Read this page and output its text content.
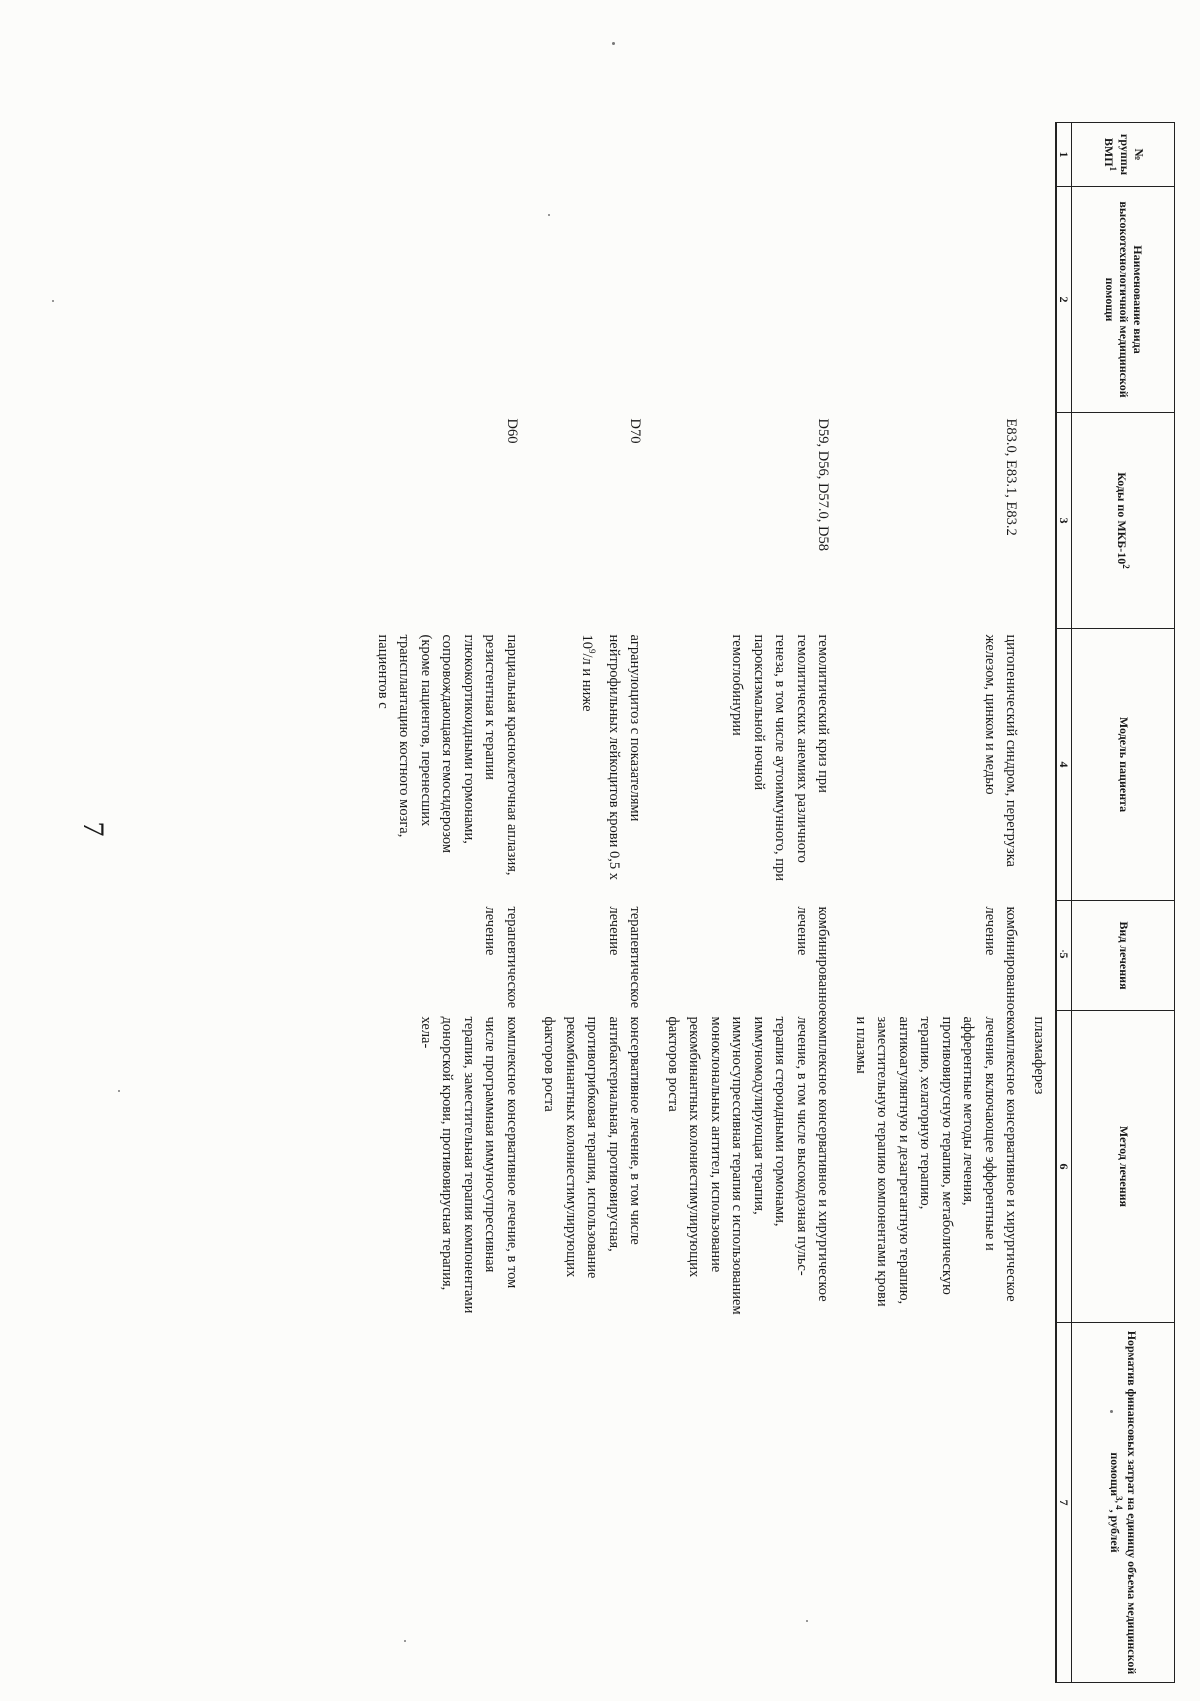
7
№ группы ВМП$^1$	Наименование вида высокотехнологичной медицинской помощи	Коды по МКБ-$10^2$	Модель пациента	Вид лечения	Метод лечения	Норматив финансовых затрат на единицу объема медицинской помощи$^{3, 4}$, рублей
1	2	3	4	5	6	7
					плазмаферез	
		E83.0, E83.1, E83.2	цитопенический синдром, перегрузка железом, цинком и медью	комбинированное лечение	комплексное консервативное и хирургическое лечение, включающее эфферентные и афферентные методы лечения, противовирусную терапию, метаболическую терапию, хелаторную терапию, антикоагулянтную и дезагрегантную терапию, заместительную терапию компонентами крови и плазмы	
		D59, D56, D57.0, D58	гемолитический криз при гемолитических анемиях различного генеза, в том числе аутоиммунного, при пароксизмальной ночной гемоглобинурии	комбинированное лечение	комплексное консервативное и хирургическое лечение, в том числе высокодозная пульс-терапия стероидными гормонами, иммуномодулирующая терапия, иммуносупрессивная терапия с использованием моноклональных антител, использование рекомбинантных колониестимулирующих факторов роста	
		D70	агранулоцитоз с показателями нейтрофильных лейкоцитов крови 0,5 x $10^9/л$ и ниже	терапевтическое лечение	консервативное лечение, в том числе антибактериальная, противовирусная, противогрибковая терапия, использование рекомбинантных колониестимулирующих факторов роста	
		D60	парциальная красноклеточная аплазия, резистентная к терапии глюкокортикоидными гормонами, сопровождающаяся гемосидерозом (кроме пациентов, перенесших трансплантацию костного мозга, пациентов с	терапевтическое лечение	комплексное консервативное лечение, в том числе программная иммуносупрессивная терапия, заместительная терапия компонентами донорской крови, противовирусная терапия, хела-	
